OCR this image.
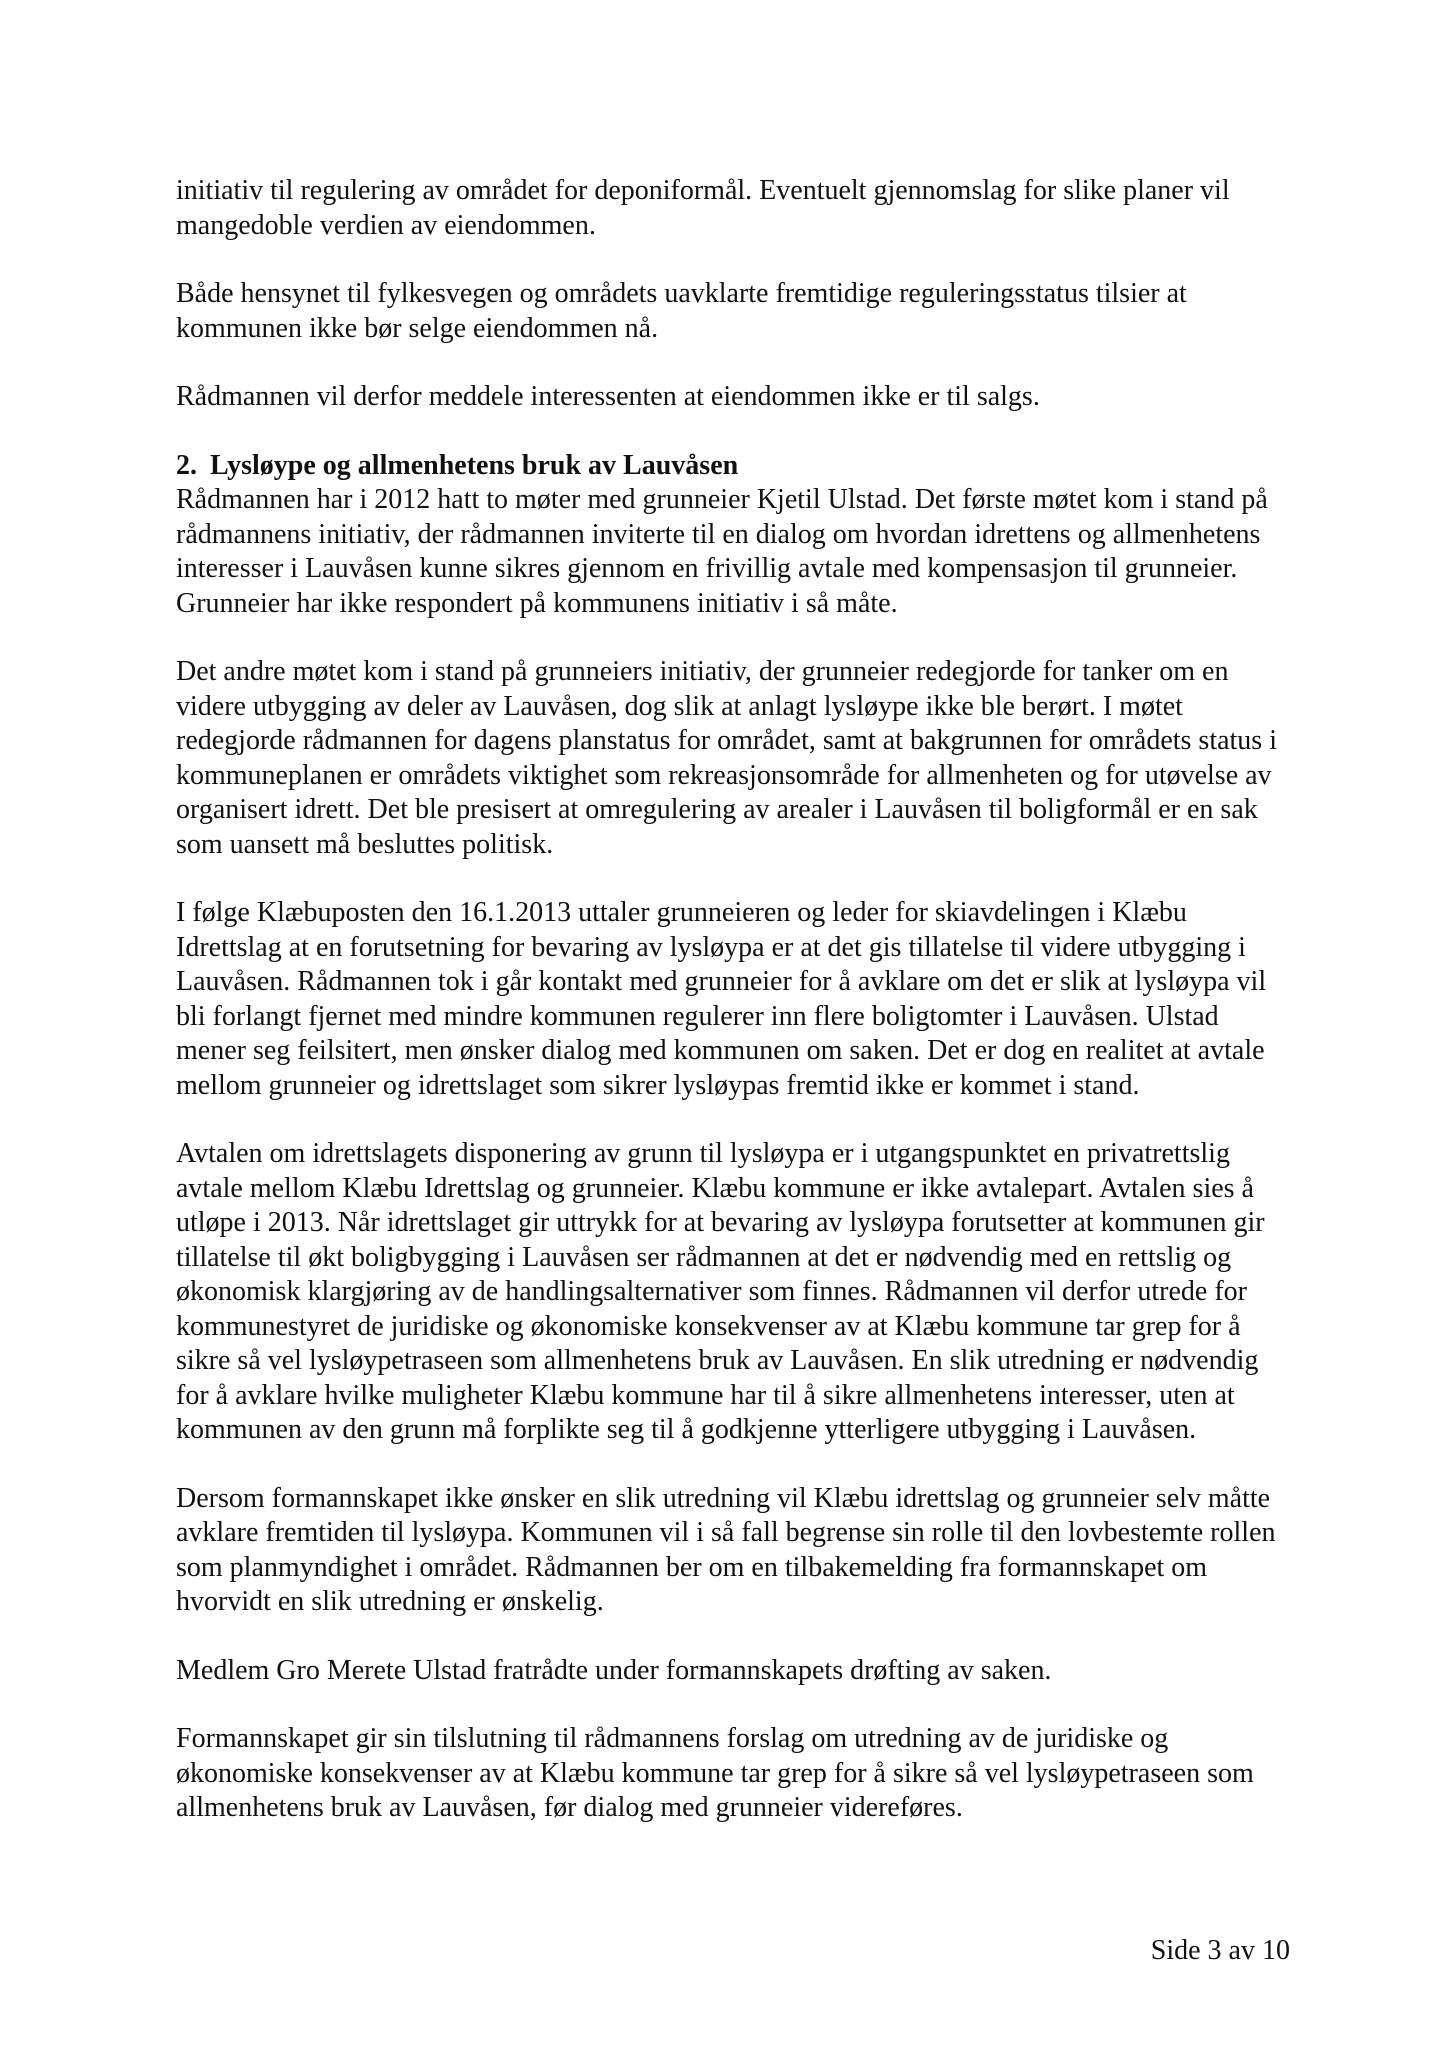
initiativ til regulering av området for deponiformål. Eventuelt gjennomslag for slike planer vil mangedoble verdien av eiendommen.

Både hensynet til fylkesvegen og områdets uavklarte fremtidige reguleringsstatus tilsier at kommunen ikke bør selge eiendommen nå.

Rådmannen vil derfor meddele interessenten at eiendommen ikke er til salgs.

2. Lysløype og allmenhetens bruk av Lauvåsen

Rådmannen har i 2012 hatt to møter med grunneier Kjetil Ulstad. Det første møtet kom i stand på rådmannens initiativ, der rådmannen inviterte til en dialog om hvordan idrettens og allmenhetens interesser i Lauvåsen kunne sikres gjennom en frivillig avtale med kompensasjon til grunneier. Grunneier har ikke respondert på kommunens initiativ i så måte.

Det andre møtet kom i stand på grunneiers initiativ, der grunneier redegjorde for tanker om en videre utbygging av deler av Lauvåsen, dog slik at anlagt lysløype ikke ble berørt. I møtet redegjorde rådmannen for dagens planstatus for området, samt at bakgrunnen for områdets status i kommuneplanen er områdets viktighet som rekreasjonsområde for allmenheten og for utøvelse av organisert idrett. Det ble presisert at omregulering av arealer i Lauvåsen til boligformål er en sak som uansett må besluttes politisk.

I følge Klæbuposten den 16.1.2013 uttaler grunneieren og leder for skiavdelingen i Klæbu Idrettslag at en forutsetning for bevaring av lysløypa er at det gis tillatelse til videre utbygging i Lauvåsen. Rådmannen tok i går kontakt med grunneier for å avklare om det er slik at lysløypa vil bli forlangt fjernet med mindre kommunen regulerer inn flere boligtomter i Lauvåsen. Ulstad mener seg feilsitert, men ønsker dialog med kommunen om saken. Det er dog en realitet at avtale mellom grunneier og idrettslaget som sikrer lysløypas fremtid ikke er kommet i stand.

Avtalen om idrettslagets disponering av grunn til lysløypa er i utgangspunktet en privatrettslig avtale mellom Klæbu Idrettslag og grunneier. Klæbu kommune er ikke avtalepart. Avtalen sies å utløpe i 2013. Når idrettslaget gir uttrykk for at bevaring av lysløypa forutsetter at kommunen gir tillatelse til økt boligbygging i Lauvåsen ser rådmannen at det er nødvendig med en rettslig og økonomisk klargjøring av de handlingsalternativer som finnes. Rådmannen vil derfor utrede for kommunestyret de juridiske og økonomiske konsekvenser av at Klæbu kommune tar grep for å sikre så vel lysløypetraseen som allmenhetens bruk av Lauvåsen. En slik utredning er nødvendig for å avklare hvilke muligheter Klæbu kommune har til å sikre allmenhetens interesser, uten at kommunen av den grunn må forplikte seg til å godkjenne ytterligere utbygging i Lauvåsen.

Dersom formannskapet ikke ønsker en slik utredning vil Klæbu idrettslag og grunneier selv måtte avklare fremtiden til lysløypa. Kommunen vil i så fall begrense sin rolle til den lovbestemte rollen som planmyndighet i området. Rådmannen ber om en tilbakemelding fra formannskapet om hvorvidt en slik utredning er ønskelig.

Medlem Gro Merete Ulstad fratrådte under formannskapets drøfting av saken.

Formannskapet gir sin tilslutning til rådmannens forslag om utredning av de juridiske og økonomiske konsekvenser av at Klæbu kommune tar grep for å sikre så vel lysløypetraseen som allmenhetens bruk av Lauvåsen, før dialog med grunneier videreføres.

Side 3 av 10
